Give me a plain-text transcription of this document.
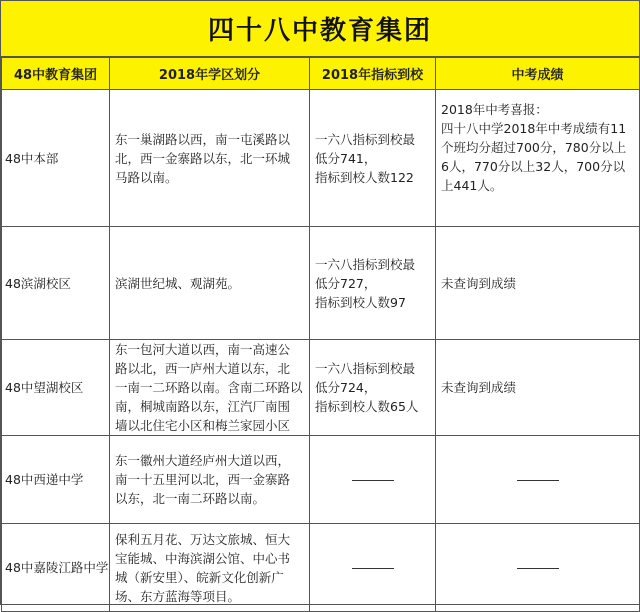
四十八中教育集团
48中教育集团	2018年学区划分	2018年指标到校	中考成绩
48中本部	东一巢湖路以西，南一屯溪路以
北，西一金寨路以东，北一环城
马路以南。	一六八指标到校最
低分741，
指标到校人数122	2018年中考喜报：
四十八中学2018年中考成绩有11
个班均分超过700分，780分以上
6人，770分以上32人，700分以
上441人。

48滨湖校区	滨湖世纪城、观湖苑。	一六八指标到校最
低分727，
指标到校人数97	未查询到成绩

48中望湖校区	东一包河大道以西，南一高速公
路以北，西一庐州大道以东，北
一南一二环路以南。含南二环路以
南，桐城南路以东，江汽厂南围
墙以北住宅小区和梅兰家园小区	一六八指标到校最
低分724，
指标到校人数65人	未查询到成绩

48中西递中学	东一徽州大道经庐州大道以西，
南一十五里河以北，西一金寨路
以东，北一南二环路以南。		

48中嘉陵江路中学	保利五月花、万达文旅城、恒大
宝能城、中海滨湖公馆、中心书
城（新安里）、皖新文化创新广
场、东方蓝海等项目。		
